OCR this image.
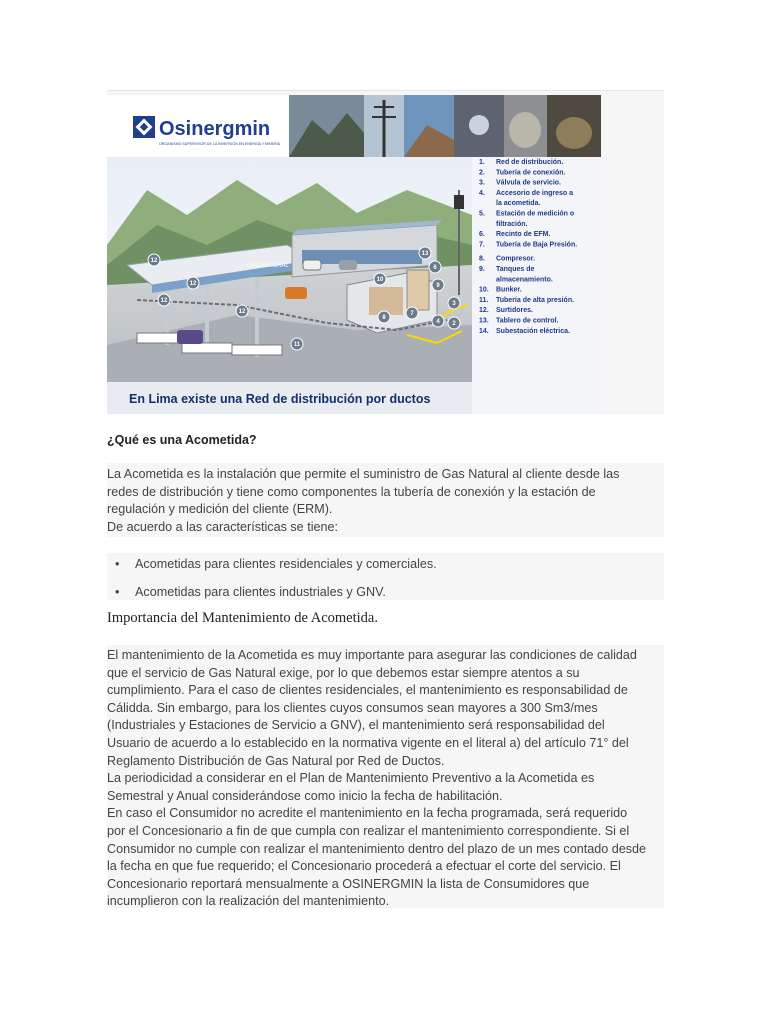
Osinergmin
ORGANISMO SUPERVISOR DE LA INVERSIÓN EN ENERGÍA Y MINERÍA
GAS NATURAL
12
12
12
12
11
10
13
6
8
7
3
4 2
9
En Lima existe una Red de distribución por ductos
1. Red de distribución.
2. Tubería de conexión.
3. Válvula de servicio.
4. Accesorio de ingreso a
la acometida.
5. Estación de medición o
filtración.
6. Recinto de EFM.
7. Tubería de Baja Presión.
8. Compresor.
9. Tanques de
almacenamiento.
10. Bunker.
11. Tubería de alta presión.
12. Surtidores.
13. Tablero de control.
14. Subestación eléctrica.
¿Qué es una Acometida?

La Acometida es la instalación que permite el suministro de Gas Natural al cliente desde las

redes de distribución y tiene como componentes la tubería de conexión y la estación de

regulación y medición del cliente (ERM).

De acuerdo a las características se tiene:

• Acometidas para clientes residenciales y comerciales.
• Acometidas para clientes industriales y GNV.
Importancia del Mantenimiento de Acometida.

El mantenimiento de la Acometida es muy importante para asegurar las condiciones de calidad

que el servicio de Gas Natural exige, por lo que debemos estar siempre atentos a su

cumplimiento. Para el caso de clientes residenciales, el mantenimiento es responsabilidad de

Cálidda. Sin embargo, para los clientes cuyos consumos sean mayores a 300 Sm3/mes

(Industriales y Estaciones de Servicio a GNV), el mantenimiento será responsabilidad del

Usuario de acuerdo a lo establecido en la normativa vigente en el literal a) del artículo 71° del

Reglamento Distribución de Gas Natural por Red de Ductos.

La periodicidad a considerar en el Plan de Mantenimiento Preventivo a la Acometida es

Semestral y Anual considerándose como inicio la fecha de habilitación.

En caso el Consumidor no acredite el mantenimiento en la fecha programada, será requerido

por el Concesionario a fin de que cumpla con realizar el mantenimiento correspondiente. Si el

Consumidor no cumple con realizar el mantenimiento dentro del plazo de un mes contado desde

la fecha en que fue requerido; el Concesionario procederá a efectuar el corte del servicio. El

Concesionario reportará mensualmente a OSINERGMIN la lista de Consumidores que

incumplieron con la realización del mantenimiento.
